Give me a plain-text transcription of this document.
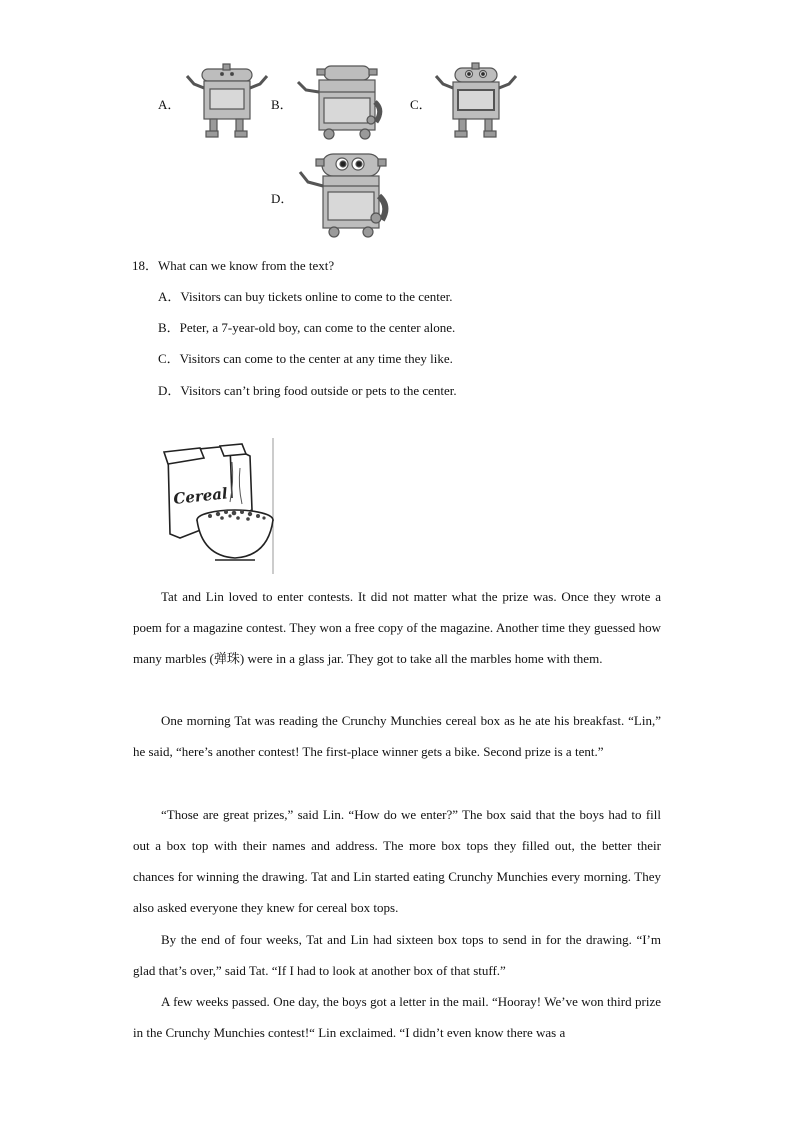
A．	B．	C．
D．
18．What can we know from the text?
A．Visitors can buy tickets online to come to the center.
B．Peter, a 7-year-old boy, can come to the center alone.
C．Visitors can come to the center at any time they like.
D．Visitors can’t bring food outside or pets to the center.
Cereal

Tat and Lin loved to enter contests. It did not matter what the prize was. Once they wrote a poem for a magazine contest. They won a free copy of the magazine. Another time they guessed how many marbles (弹珠) were in a glass jar. They got to take all the marbles home with them.

One morning Tat was reading the Crunchy Munchies cereal box as he ate his breakfast. “Lin,” he said, “here’s another contest! The first-place winner gets a bike. Second prize is a tent.”

“Those are great prizes,” said Lin. “How do we enter?” The box said that the boys had to fill out a box top with their names and address. The more box tops they filled out, the better their chances for winning the drawing. Tat and Lin started eating Crunchy Munchies every morning. They also asked everyone they knew for cereal box tops.

By the end of four weeks, Tat and Lin had sixteen box tops to send in for the drawing. “I’m glad that’s over,” said Tat. “If I had to look at another box of that stuff.”

A few weeks passed. One day, the boys got a letter in the mail. “Hooray! We’ve won third prize in the Crunchy Munchies contest!“ Lin exclaimed. “I didn’t even know there was a
